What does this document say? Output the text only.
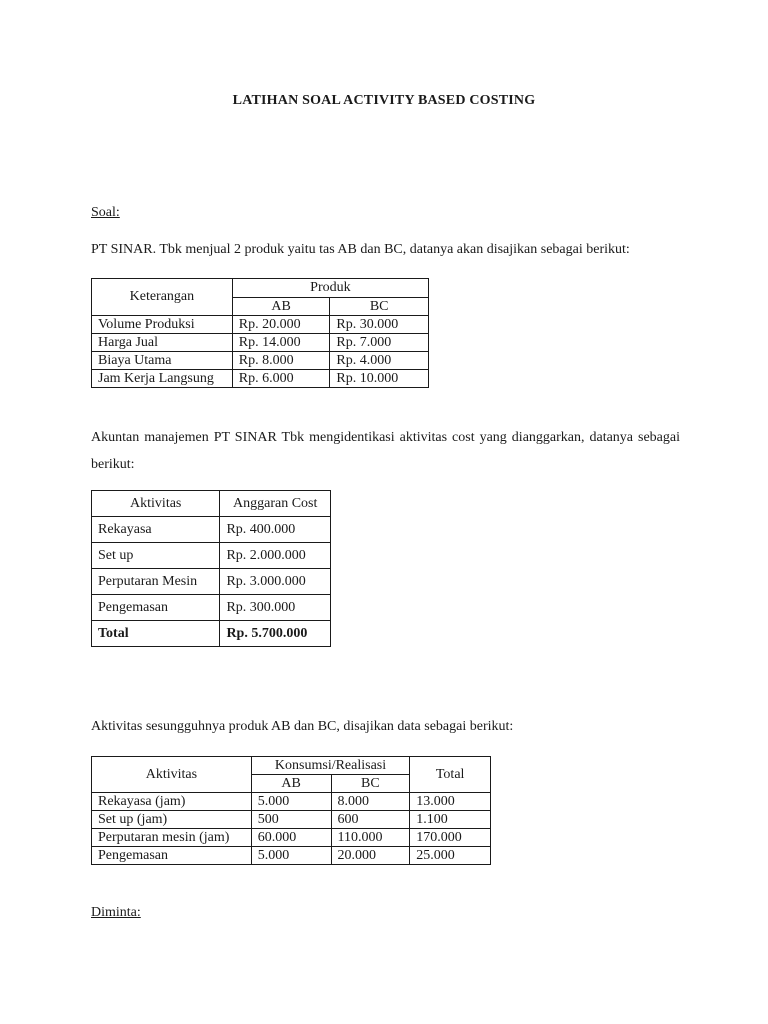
LATIHAN SOAL ACTIVITY BASED COSTING
Soal:
PT SINAR. Tbk menjual 2 produk yaitu tas AB dan BC, datanya akan disajikan sebagai berikut:
Keterangan	Produk	
	AB	BC
Volume Produksi	Rp. 20.000	Rp. 30.000
Harga Jual	Rp. 14.000	Rp. 7.000
Biaya Utama	Rp. 8.000	Rp. 4.000
Jam Kerja Langsung	Rp. 6.000	Rp. 10.000
Akuntan manajemen PT SINAR Tbk mengidentikasi aktivitas cost yang dianggarkan, datanya sebagai berikut:
Aktivitas	Anggaran Cost
Rekayasa	Rp. 400.000
Set up	Rp. 2.000.000
Perputaran Mesin	Rp. 3.000.000
Pengemasan	Rp. 300.000
Total	Rp. 5.700.000
Aktivitas sesungguhnya produk AB dan BC, disajikan data sebagai berikut:
Aktivitas	Konsumsi/Realisasi		Total
	AB	BC	
Rekayasa (jam)	5.000	8.000	13.000
Set up (jam)	500	600	1.100
Perputaran mesin (jam)	60.000	110.000	170.000
Pengemasan	5.000	20.000	25.000
Diminta:
